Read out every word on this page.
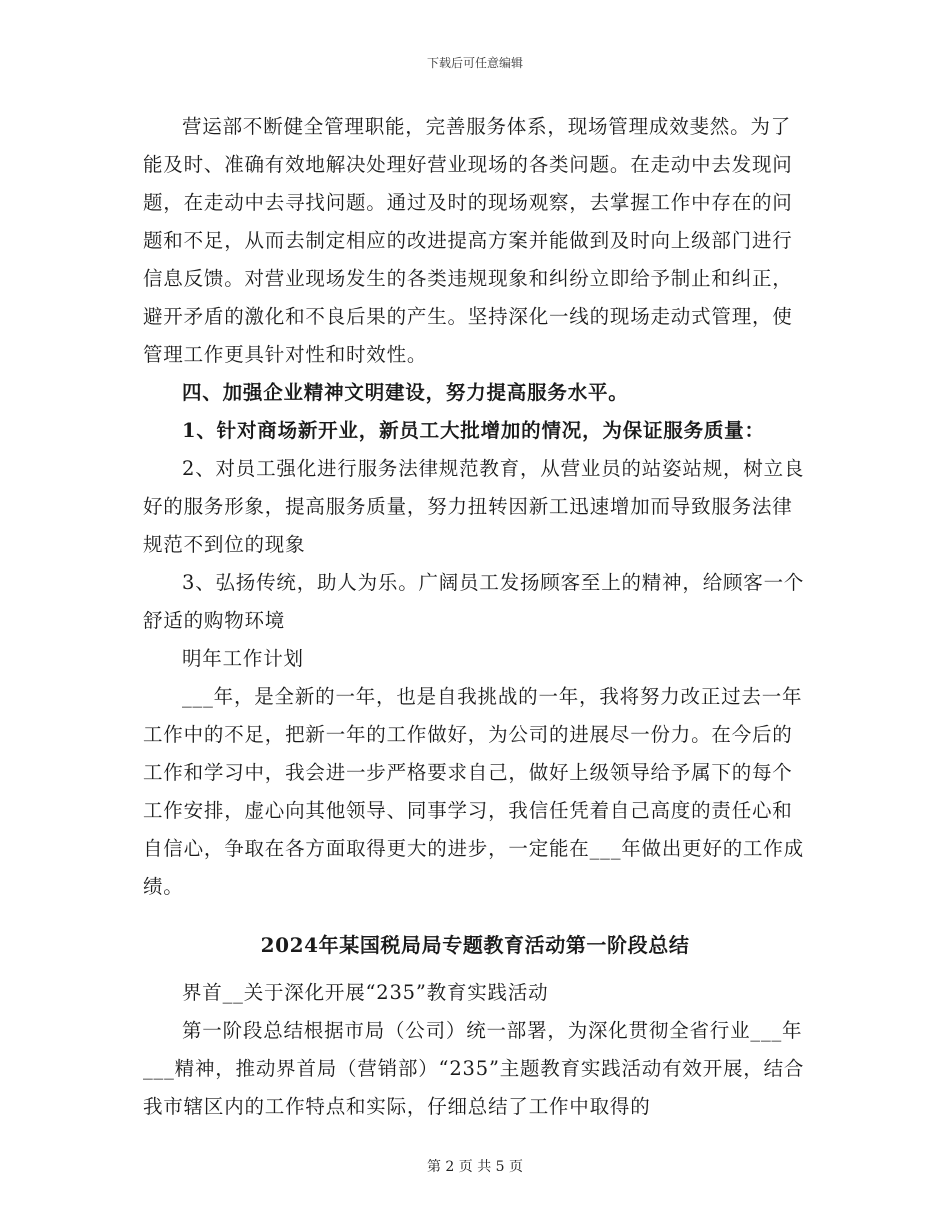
下载后可任意编辑

营运部不断健全管理职能，完善服务体系，现场管理成效斐然。为了能及时、准确有效地解决处理好营业现场的各类问题。在走动中去发现问题，在走动中去寻找问题。通过及时的现场观察，去掌握工作中存在的问题和不足，从而去制定相应的改进提高方案并能做到及时向上级部门进行信息反馈。对营业现场发生的各类违规现象和纠纷立即给予制止和纠正，避开矛盾的激化和不良后果的产生。坚持深化一线的现场走动式管理，使管理工作更具针对性和时效性。

四、加强企业精神文明建设，努力提高服务水平。

1、针对商场新开业，新员工大批增加的情况，为保证服务质量：

2、对员工强化进行服务法律规范教育，从营业员的站姿站规，树立良好的服务形象，提高服务质量，努力扭转因新工迅速增加而导致服务法律规范不到位的现象

3、弘扬传统，助人为乐。广阔员工发扬顾客至上的精神，给顾客一个舒适的购物环境

明年工作计划

___年，是全新的一年，也是自我挑战的一年，我将努力改正过去一年工作中的不足，把新一年的工作做好，为公司的进展尽一份力。在今后的工作和学习中，我会进一步严格要求自己，做好上级领导给予属下的每个工作安排，虚心向其他领导、同事学习，我信任凭着自己高度的责任心和自信心，争取在各方面取得更大的进步，一定能在___年做出更好的工作成绩。

2024年某国税局局专题教育活动第一阶段总结

界首__关于深化开展“235”教育实践活动

第一阶段总结根据市局（公司）统一部署，为深化贯彻全省行业___年___精神，推动界首局（营销部）“235”主题教育实践活动有效开展，结合我市辖区内的工作特点和实际，仔细总结了工作中取得的

第 2 页 共 5 页
